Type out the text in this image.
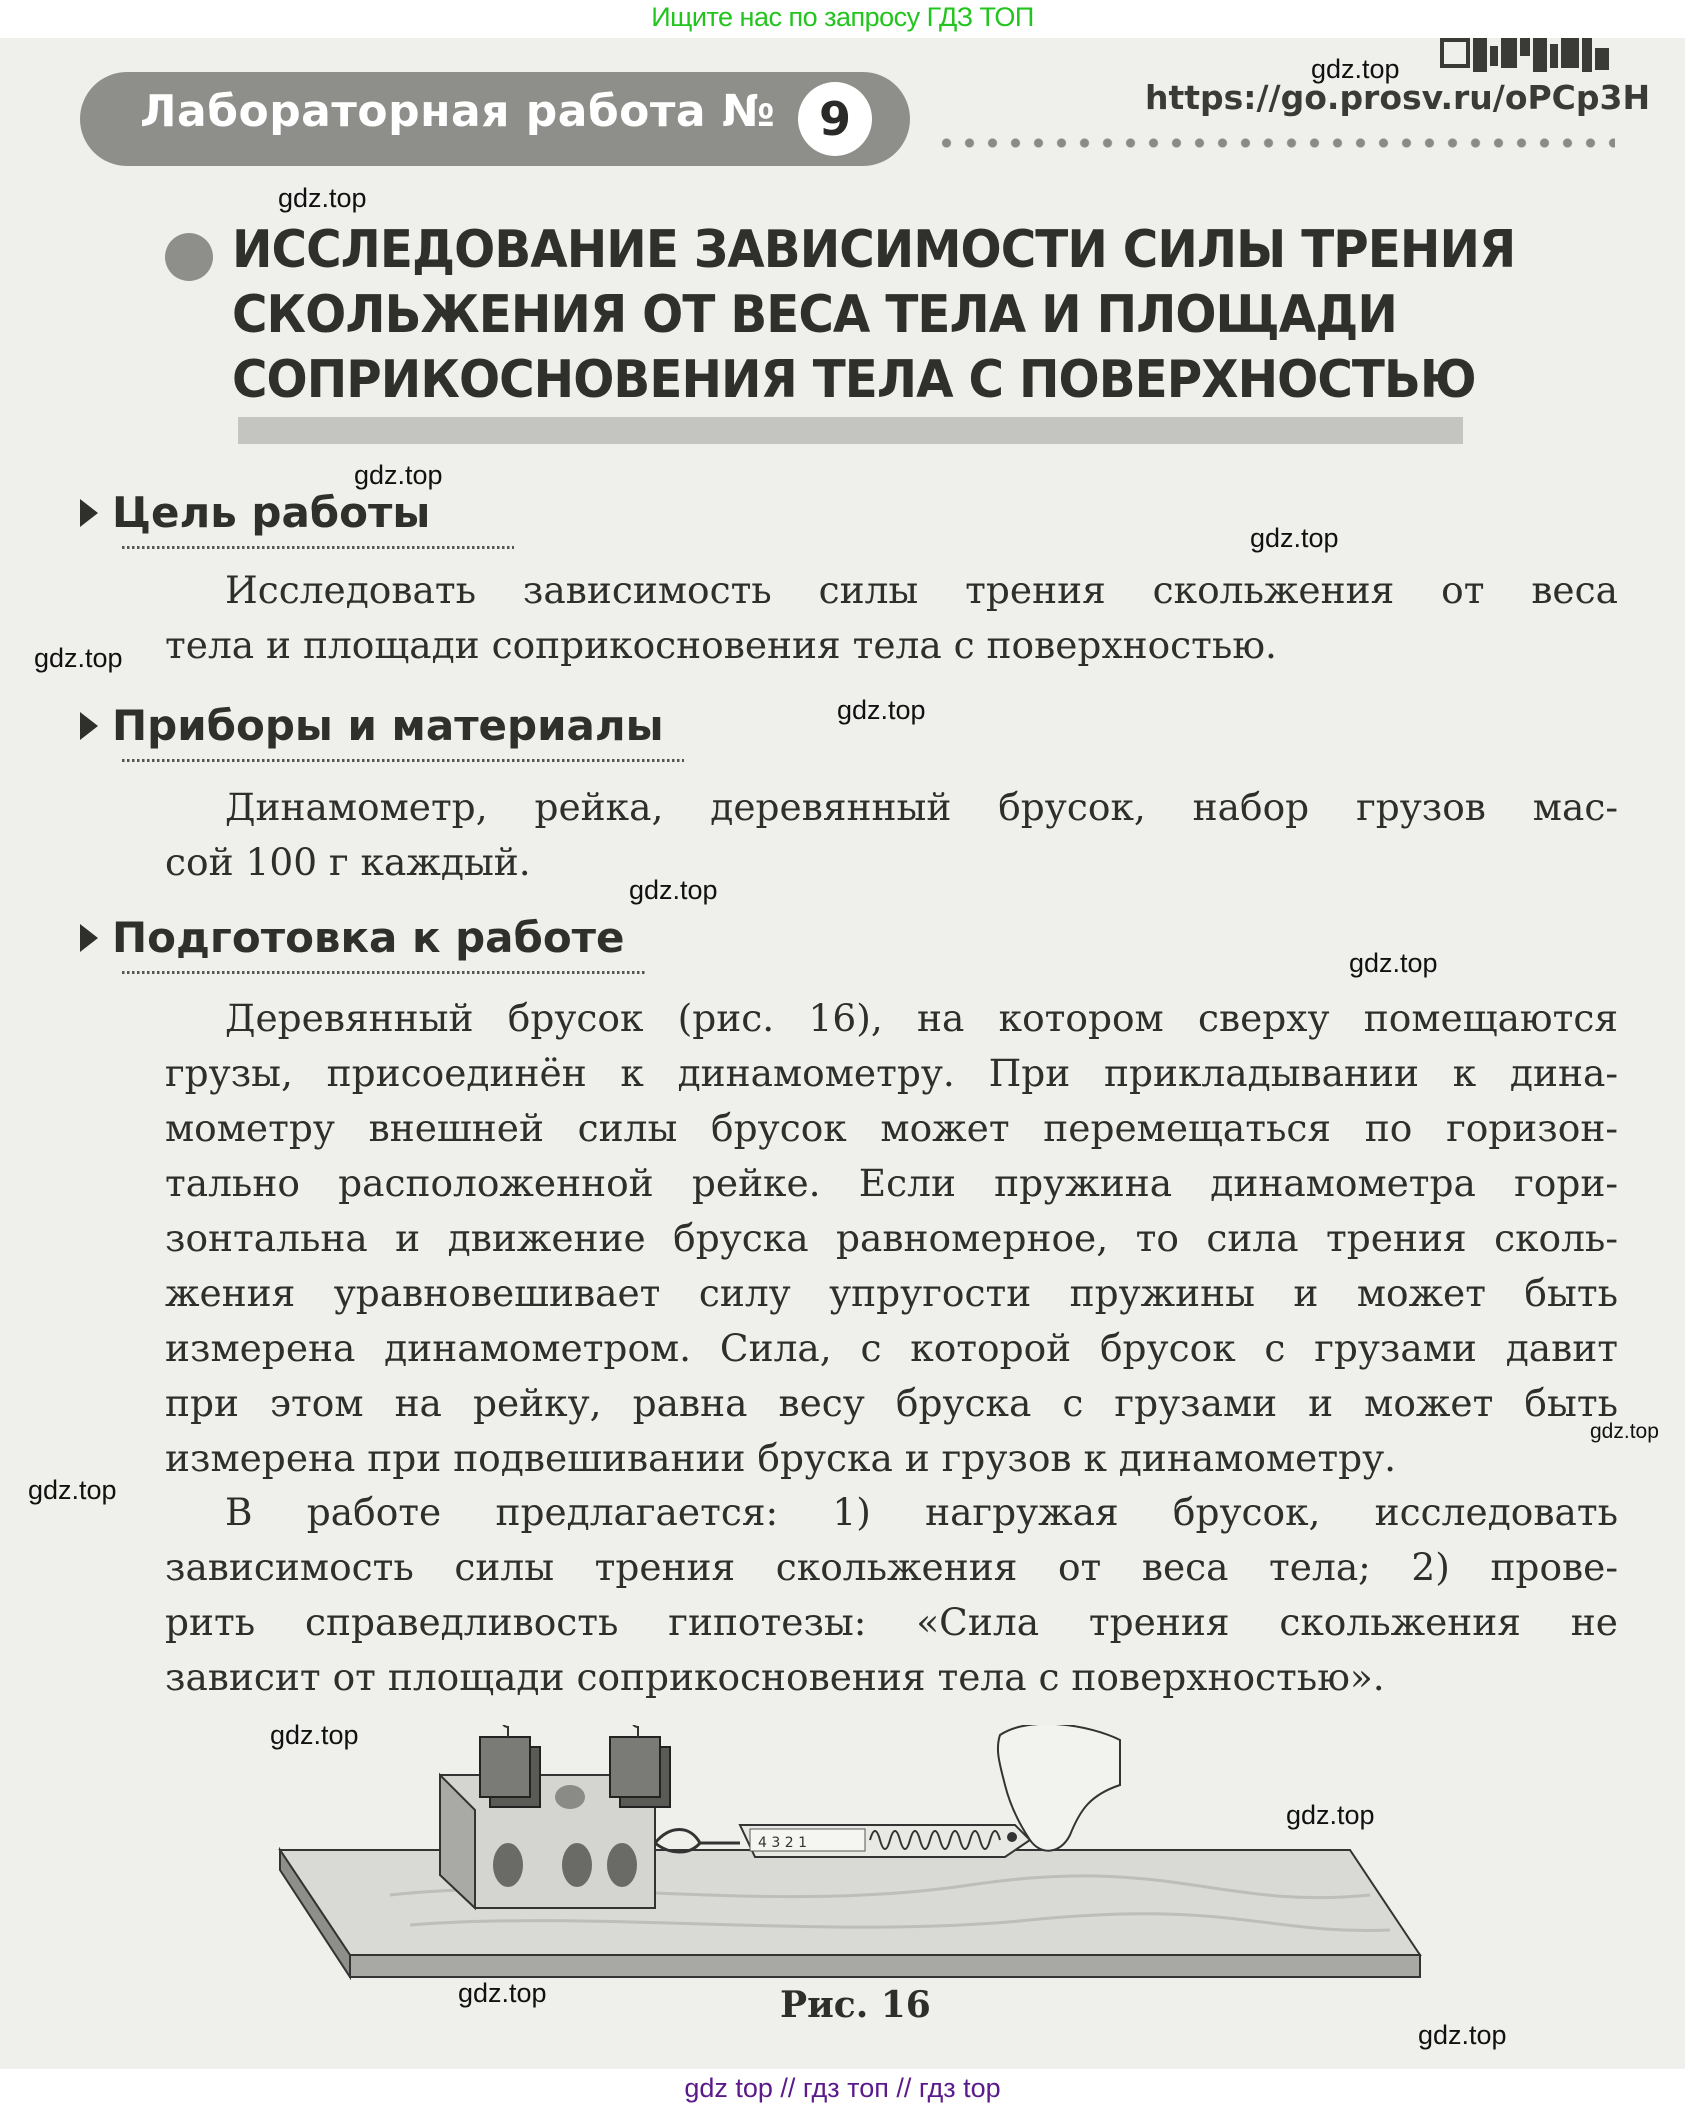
Ищите нас по запросу ГДЗ ТОП
Лабораторная работа № 9	https://go.prosv.ru/oPCp3H
ИССЛЕДОВАНИЕ ЗАВИСИМОСТИ СИЛЫ ТРЕНИЯ
СКОЛЬЖЕНИЯ ОТ ВЕСА ТЕЛА И ПЛОЩАДИ
СОПРИКОСНОВЕНИЯ ТЕЛА С ПОВЕРХНОСТЬЮ
Цель работы
Исследовать зависимость силы трения скольжения от веса
тела и площади соприкосновения тела с поверхностью.
Приборы и материалы
Динамометр, рейка, деревянный брусок, набор грузов мас-
сой 100 г каждый.
Подготовка к работе
Деревянный брусок (рис. 16), на котором сверху помещаются
грузы, присоединён к динамометру. При прикладывании к дина-
мометру внешней силы брусок может перемещаться по горизон-
тально расположенной рейке. Если пружина динамометра гори-
зонтальна и движение бруска равномерное, то сила трения сколь-
жения уравновешивает силу упругости пружины и может быть
измерена динамометром. Сила, с которой брусок с грузами давит
при этом на рейку, равна весу бруска с грузами и может быть
измерена при подвешивании бруска и грузов к динамометру.
В работе предлагается: 1) нагружая брусок, исследовать
зависимость силы трения скольжения от веса тела; 2) прове-
рить справедливость гипотезы: «Сила трения скольжения не
зависит от площади соприкосновения тела с поверхностью».
4 3 2 1
Рис. 16
gdz.top
gdz.top
gdz.top
gdz.top
gdz.top
gdz.top
gdz.top
gdz.top
gdz.top
gdz.top
gdz.top
gdz.top
gdz.top
gdz.top
gdz top // гдз топ // гдз top
